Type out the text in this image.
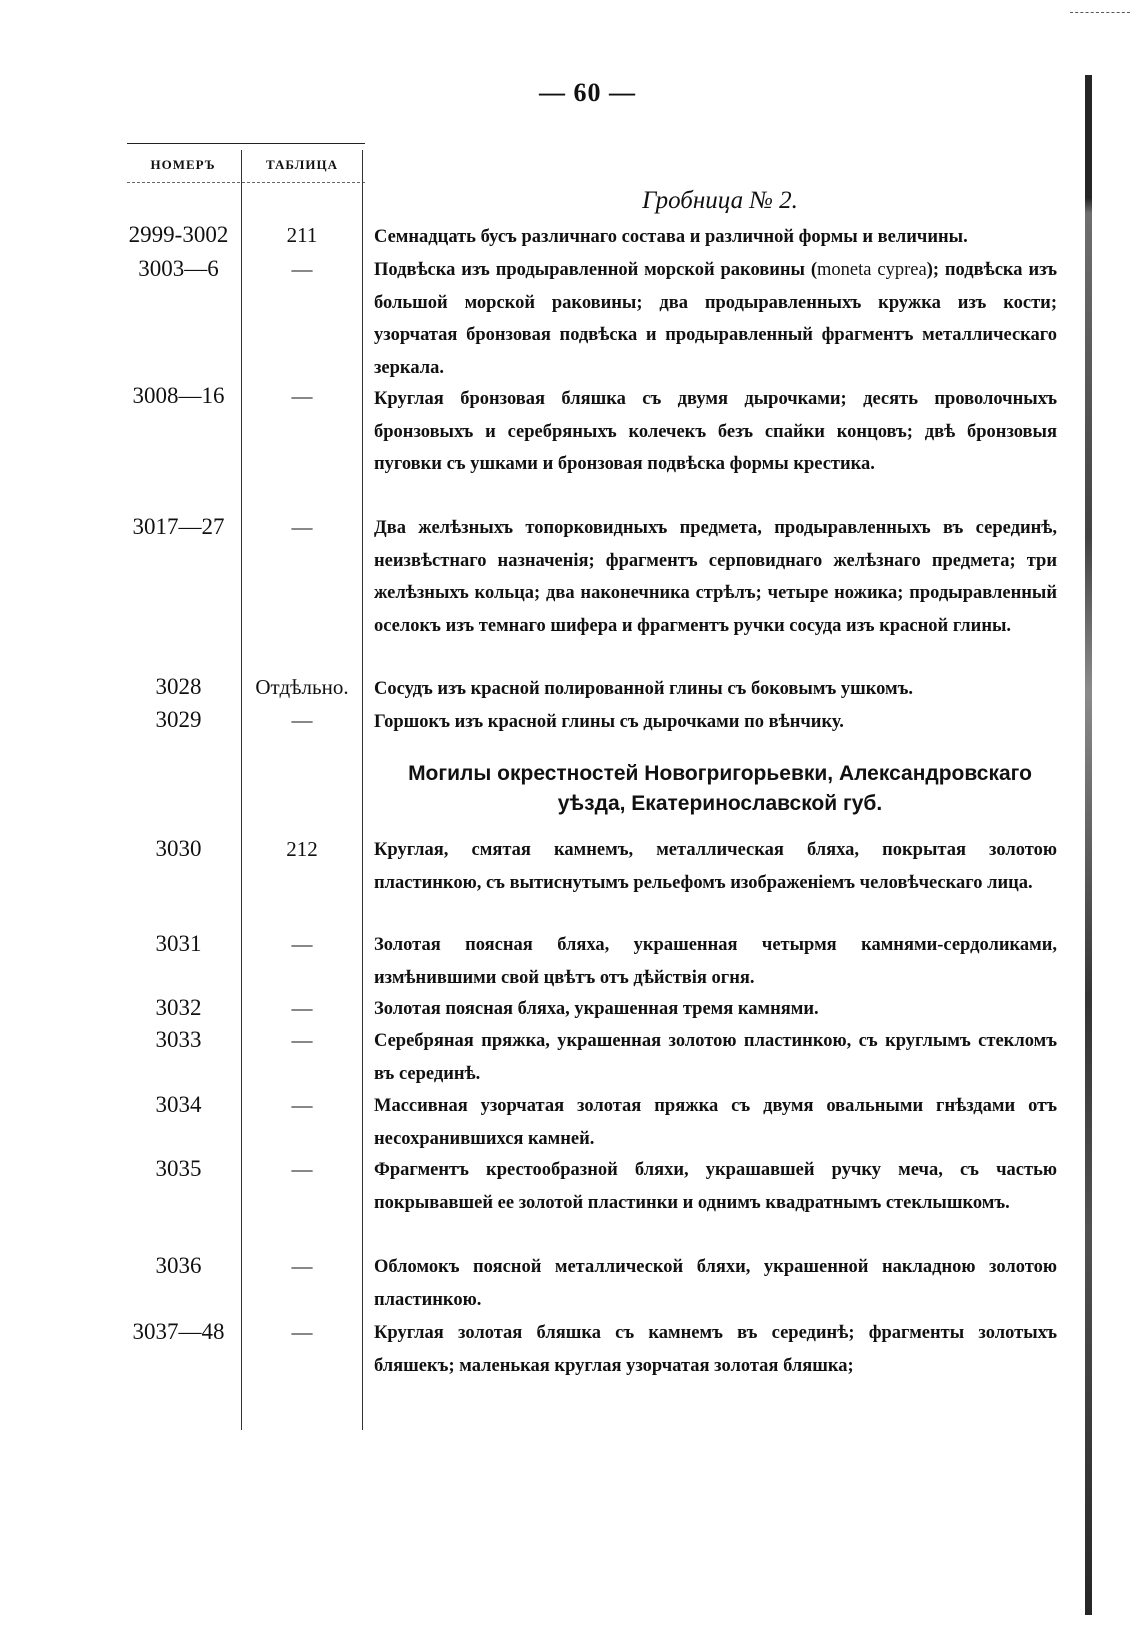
— 60 —
НОМЕРЪ	ТАБЛИЦА
Гробница № 2.
2999-3002	211	Семнадцать бусъ различнаго состава и различной формы и величины.
3003—6	—	Подвѣска изъ продыравленной морской раковины (moneta cyprea); подвѣска изъ большой морской раковины; два продыравленныхъ кружка изъ кости; узорчатая бронзовая подвѣска и продыравленный фрагментъ металлическаго зеркала.
3008—16	—	Круглая бронзовая бляшка съ двумя дырочками; десять проволочныхъ бронзовыхъ и серебряныхъ колечекъ безъ спайки концовъ; двѣ бронзовыя пуговки съ ушками и бронзовая подвѣска формы крестика.
3017—27	—	Два желѣзныхъ топорковидныхъ предмета, продыравленныхъ въ серединѣ, неизвѣстнаго назначенія; фрагментъ серповиднаго желѣзнаго предмета; три желѣзныхъ кольца; два наконечника стрѣлъ; четыре ножика; продыравленный оселокъ изъ темнаго шифера и фрагментъ ручки сосуда изъ красной глины.
3028	Отдѣльно.	Сосудъ изъ красной полированной глины съ боковымъ ушкомъ.
3029	—	Горшокъ изъ красной глины съ дырочками по вѣнчику.
Могилы окрестностей Новогригорьевки, Александровскаго
уѣзда, Екатеринославской губ.
3030	212	Круглая, смятая камнемъ, металлическая бляха, покрытая золотою пластинкою, съ вытиснутымъ рельефомъ изображеніемъ человѣческаго лица.
3031	—	Золотая поясная бляха, украшенная четырмя камнями-сердоликами, измѣнившими свой цвѣтъ отъ дѣйствія огня.
3032	—	Золотая поясная бляха, украшенная тремя камнями.
3033	—	Серебряная пряжка, украшенная золотою пластинкою, съ круглымъ стекломъ въ серединѣ.
3034	—	Массивная узорчатая золотая пряжка съ двумя овальными гнѣздами отъ несохранившихся камней.
3035	—	Фрагментъ крестообразной бляхи, украшавшей ручку меча, съ частью покрывавшей ее золотой пластинки и однимъ квадратнымъ стеклышкомъ.
3036	—	Обломокъ поясной металлической бляхи, украшенной накладною золотою пластинкою.
3037—48	—	Круглая золотая бляшка съ камнемъ въ серединѣ; фрагменты золотыхъ бляшекъ; маленькая круглая узорчатая золотая бляшка;
